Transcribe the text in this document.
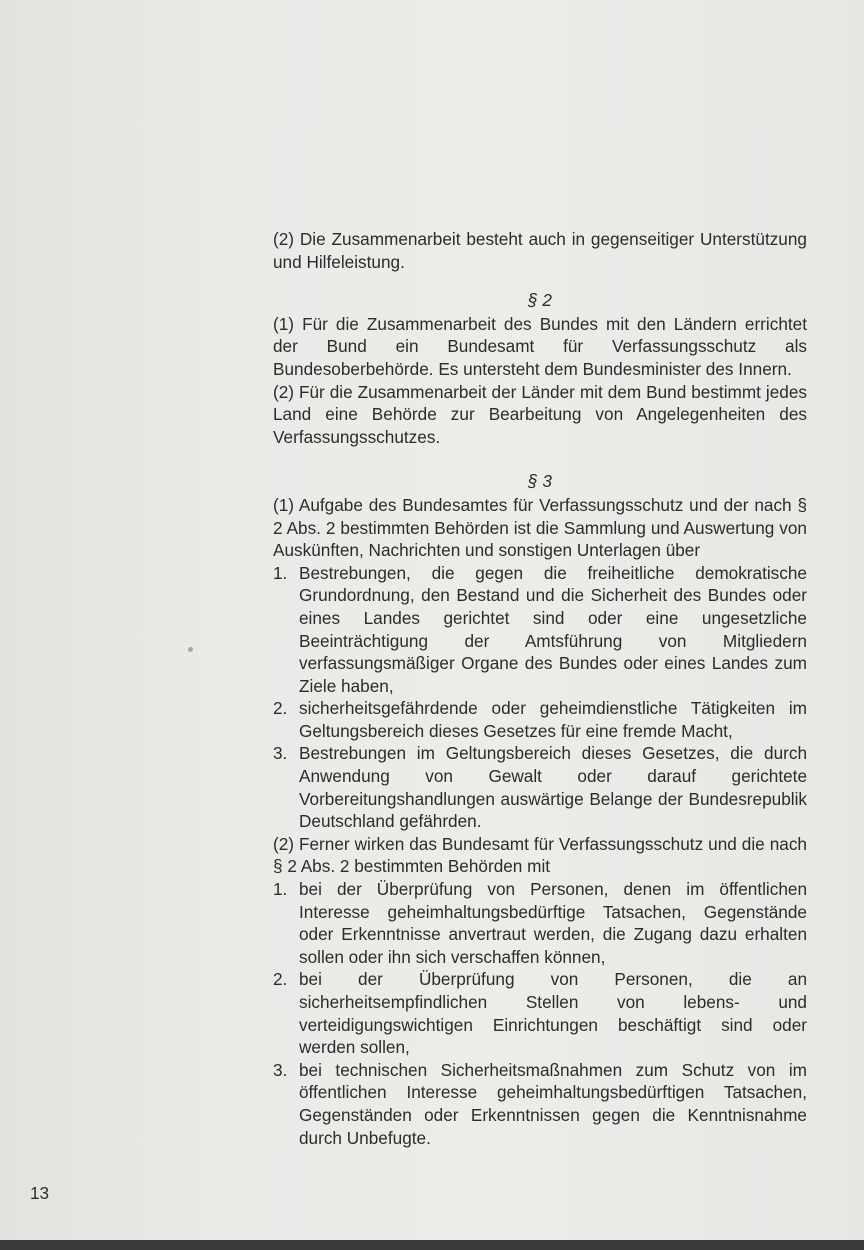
(2) Die Zusammenarbeit besteht auch in gegenseitiger Unterstützung und Hilfeleistung.

§ 2

(1) Für die Zusammenarbeit des Bundes mit den Ländern errichtet der Bund ein Bundesamt für Verfassungsschutz als Bundesoberbehörde. Es untersteht dem Bundesminister des Innern.

(2) Für die Zusammenarbeit der Länder mit dem Bund bestimmt jedes Land eine Behörde zur Bearbeitung von Angelegenheiten des Verfassungsschutzes.

§ 3

(1) Aufgabe des Bundesamtes für Verfassungsschutz und der nach § 2 Abs. 2 bestimmten Behörden ist die Sammlung und Auswertung von Auskünften, Nachrichten und sonstigen Unterlagen über

1. Bestrebungen, die gegen die freiheitliche demokratische Grundordnung, den Bestand und die Sicherheit des Bundes oder eines Landes gerichtet sind oder eine ungesetzliche Beeinträchtigung der Amtsführung von Mitgliedern verfassungsmäßiger Organe des Bundes oder eines Landes zum Ziele haben,
2. sicherheitsgefährdende oder geheimdienstliche Tätigkeiten im Geltungsbereich dieses Gesetzes für eine fremde Macht,
3. Bestrebungen im Geltungsbereich dieses Gesetzes, die durch Anwendung von Gewalt oder darauf gerichtete Vorbereitungshandlungen auswärtige Belange der Bundesrepublik Deutschland gefährden.

(2) Ferner wirken das Bundesamt für Verfassungsschutz und die nach § 2 Abs. 2 bestimmten Behörden mit

1. bei der Überprüfung von Personen, denen im öffentlichen Interesse geheimhaltungsbedürftige Tatsachen, Gegenstände oder Erkenntnisse anvertraut werden, die Zugang dazu erhalten sollen oder ihn sich verschaffen können,
2. bei der Überprüfung von Personen, die an sicherheitsempfindlichen Stellen von lebens- und verteidigungswichtigen Einrichtungen beschäftigt sind oder werden sollen,
3. bei technischen Sicherheitsmaßnahmen zum Schutz von im öffentlichen Interesse geheimhaltungsbedürftigen Tatsachen, Gegenständen oder Erkenntnissen gegen die Kenntnisnahme durch Unbefugte.
13
